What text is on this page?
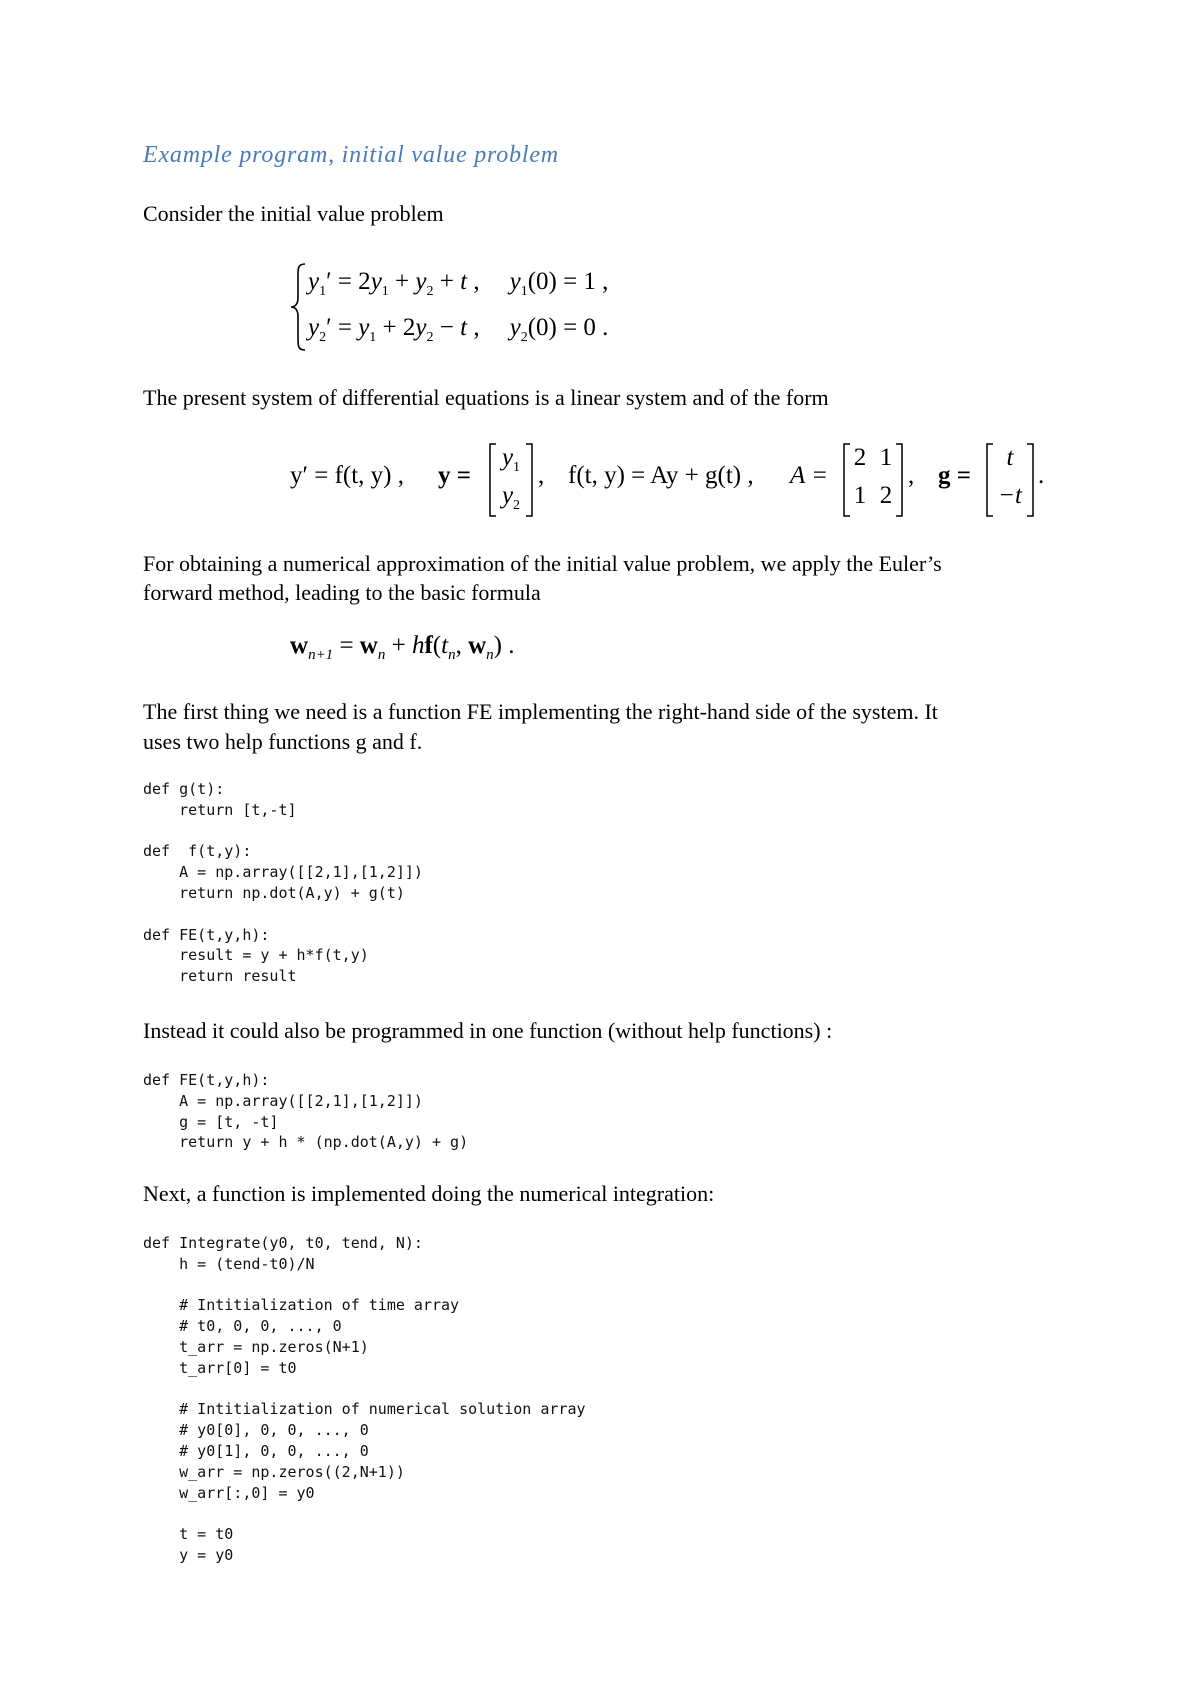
Example program, initial value problem

Consider the initial value problem

$y_1' = 2y_1 + y_2 + t$ , $y_1(0) = 1$ ,
$y_2' = y_1 + 2y_2 - t$ , $y_2(0) = 0$ .

The present system of differential equations is a linear system and of the form

y′ = f(t, y) , y =
$y_1$
$y_2$
, f(t, y) = Ay + g(t) , A =
2 1
1 2
, g =
t
−t
.

For obtaining a numerical approximation of the initial value problem, we apply the Euler’s

forward method, leading to the basic formula

$w_{n+1} = w_n + hf(t_n$, $w_n$) .

The first thing we need is a function FE implementing the right-hand side of the system. It

uses two help functions g and f.

def g(t):
return [t,-t]

def  f(t,y):
A = np.array([[2,1],[1,2]])
return np.dot(A,y) + g(t)

def FE(t,y,h):
result = y + h*f(t,y)
return result

Instead it could also be programmed in one function (without help functions) :

def FE(t,y,h):
A = np.array([[2,1],[1,2]])
g = [t, -t]
return y + h * (np.dot(A,y) + g)

Next, a function is implemented doing the numerical integration:

def Integrate(y0, t0, tend, N):
h = (tend-t0)/N

# Intitialization of time array
# t0, 0, 0, ..., 0
t_arr = np.zeros(N+1)
t_arr[0] = t0

# Intitialization of numerical solution array
# y0[0], 0, 0, ..., 0
# y0[1], 0, 0, ..., 0
w_arr = np.zeros((2,N+1))
w_arr[:,0] = y0

t = t0
y = y0
